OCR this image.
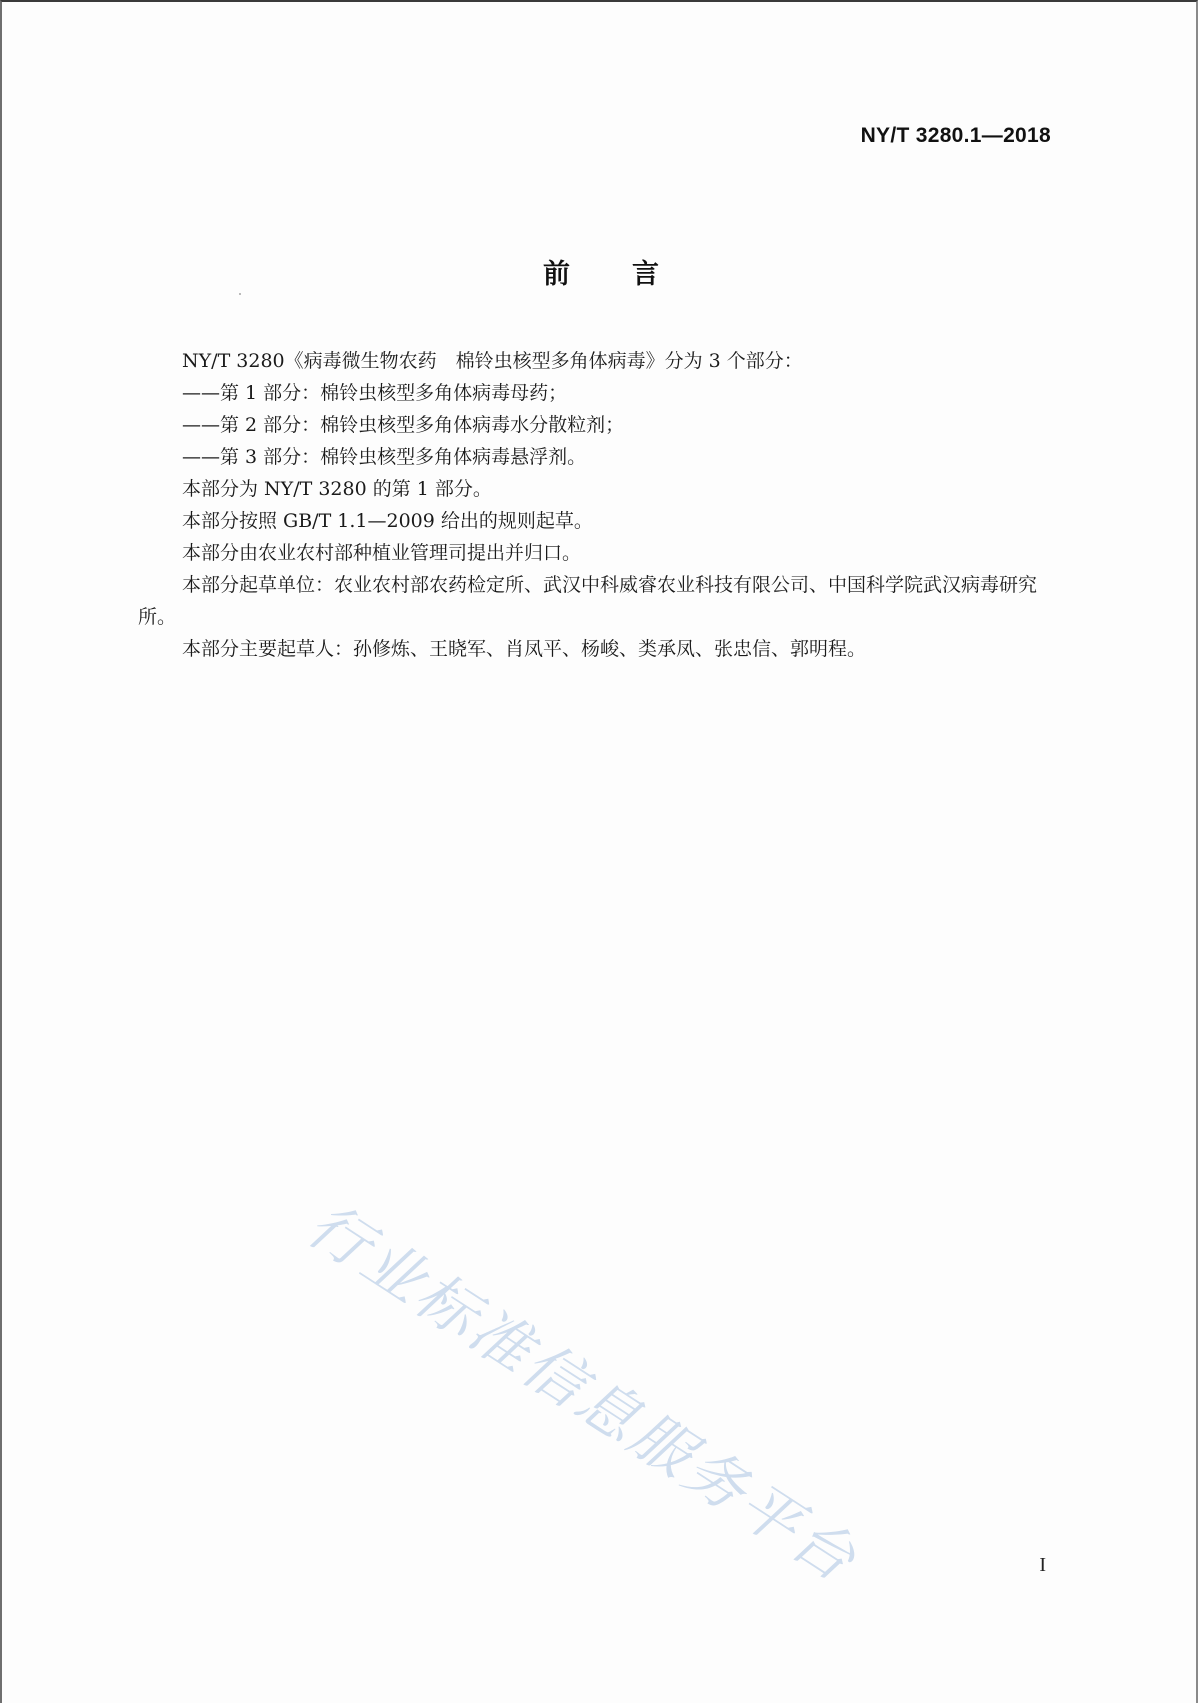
NY/T 3280.1—2018
前言

NY/T 3280《病毒微生物农药　棉铃虫核型多角体病毒》分为 3 个部分：

——第 1 部分：棉铃虫核型多角体病毒母药；

——第 2 部分：棉铃虫核型多角体病毒水分散粒剂；

——第 3 部分：棉铃虫核型多角体病毒悬浮剂。

本部分为 NY/T 3280 的第 1 部分。

本部分按照 GB/T 1.1—2009 给出的规则起草。

本部分由农业农村部种植业管理司提出并归口。

本部分起草单位：农业农村部农药检定所、武汉中科威睿农业科技有限公司、中国科学院武汉病毒研究所。

本部分主要起草人：孙修炼、王晓军、肖凤平、杨峻、类承凤、张忠信、郭明程。

行业标准信息服务平台	I
